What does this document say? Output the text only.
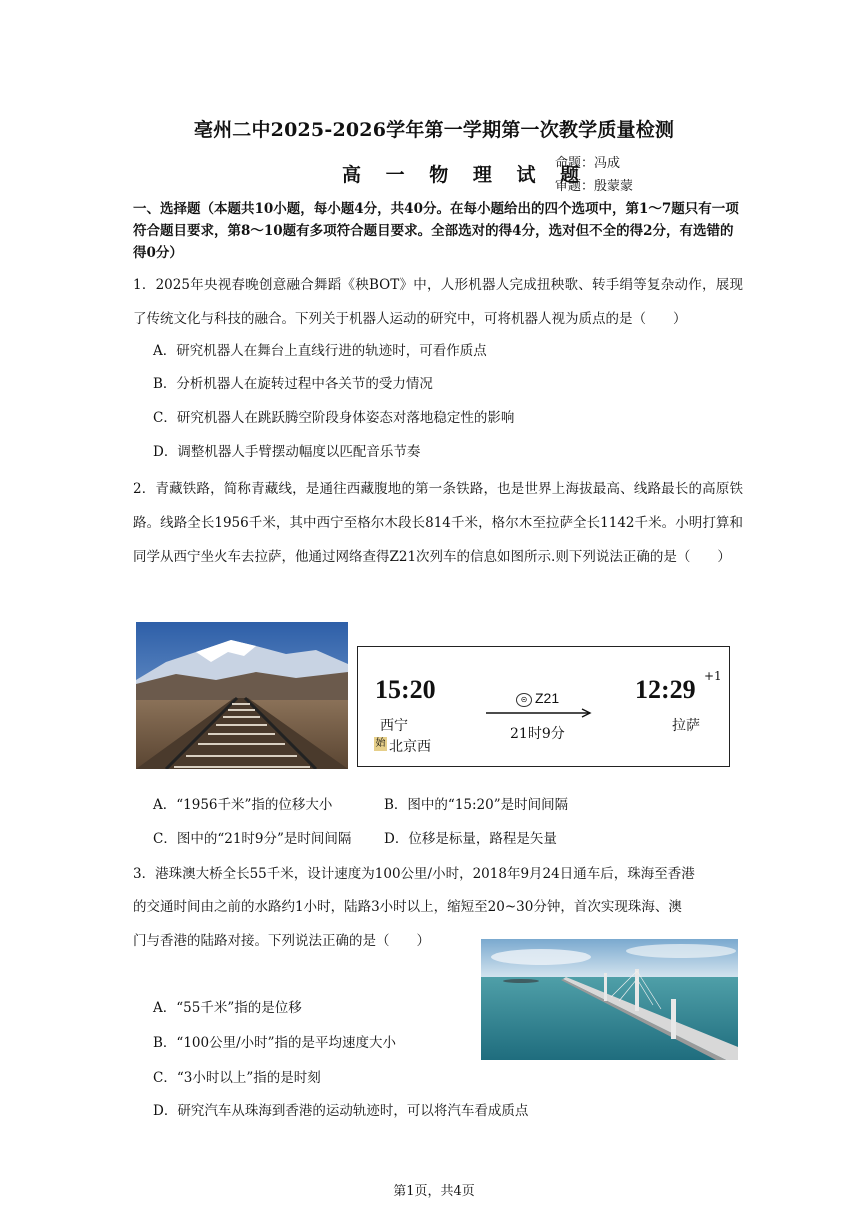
亳州二中2025-2026学年第一学期第一次教学质量检测
高 一 物 理 试 题
命题：冯成
审题：殷蒙蒙
一、选择题（本题共10小题，每小题4分，共40分。在每小题给出的四个选项中，第1～7题只有一项符合题目要求，第8～10题有多项符合题目要求。全部选对的得4分，选对但不全的得2分，有选错的得0分）
1．2025年央视春晚创意融合舞蹈《秧BOT》中，人形机器人完成扭秧歌、转手绢等复杂动作，展现了传统文化与科技的融合。下列关于机器人运动的研究中，可将机器人视为质点的是（　　）
A．研究机器人在舞台上直线行进的轨迹时，可看作质点
B．分析机器人在旋转过程中各关节的受力情况
C．研究机器人在跳跃腾空阶段身体姿态对落地稳定性的影响
D．调整机器人手臂摆动幅度以匹配音乐节奏
2．青藏铁路，简称青藏线，是通往西藏腹地的第一条铁路，也是世界上海拔最高、线路最长的高原铁路。线路全长1956千米，其中西宁至格尔木段长814千米，格尔木至拉萨全长1142千米。小明打算和同学从西宁坐火车去拉萨，他通过网络查得Z21次列车的信息如图所示.则下列说法正确的是（　　）
15:20
西宁
始 北京西
⊝ Z21
21时9分
12:29 +1
拉萨
A．“1956千米”指的位移大小	B．图中的“15:20”是时间间隔
C．图中的“21时9分”是时间间隔 D．位移是标量，路程是矢量
3．港珠澳大桥全长55千米，设计速度为100公里/小时，2018年9月24日通车后，珠海至香港
的交通时间由之前的水路约1小时，陆路3小时以上，缩短至20~30分钟，首次实现珠海、澳
门与香港的陆路对接。下列说法正确的是（　　）
A．“55千米”指的是位移
B．“100公里/小时”指的是平均速度大小
C．“3小时以上”指的是时刻
D．研究汽车从珠海到香港的运动轨迹时，可以将汽车看成质点
第1页，共4页
